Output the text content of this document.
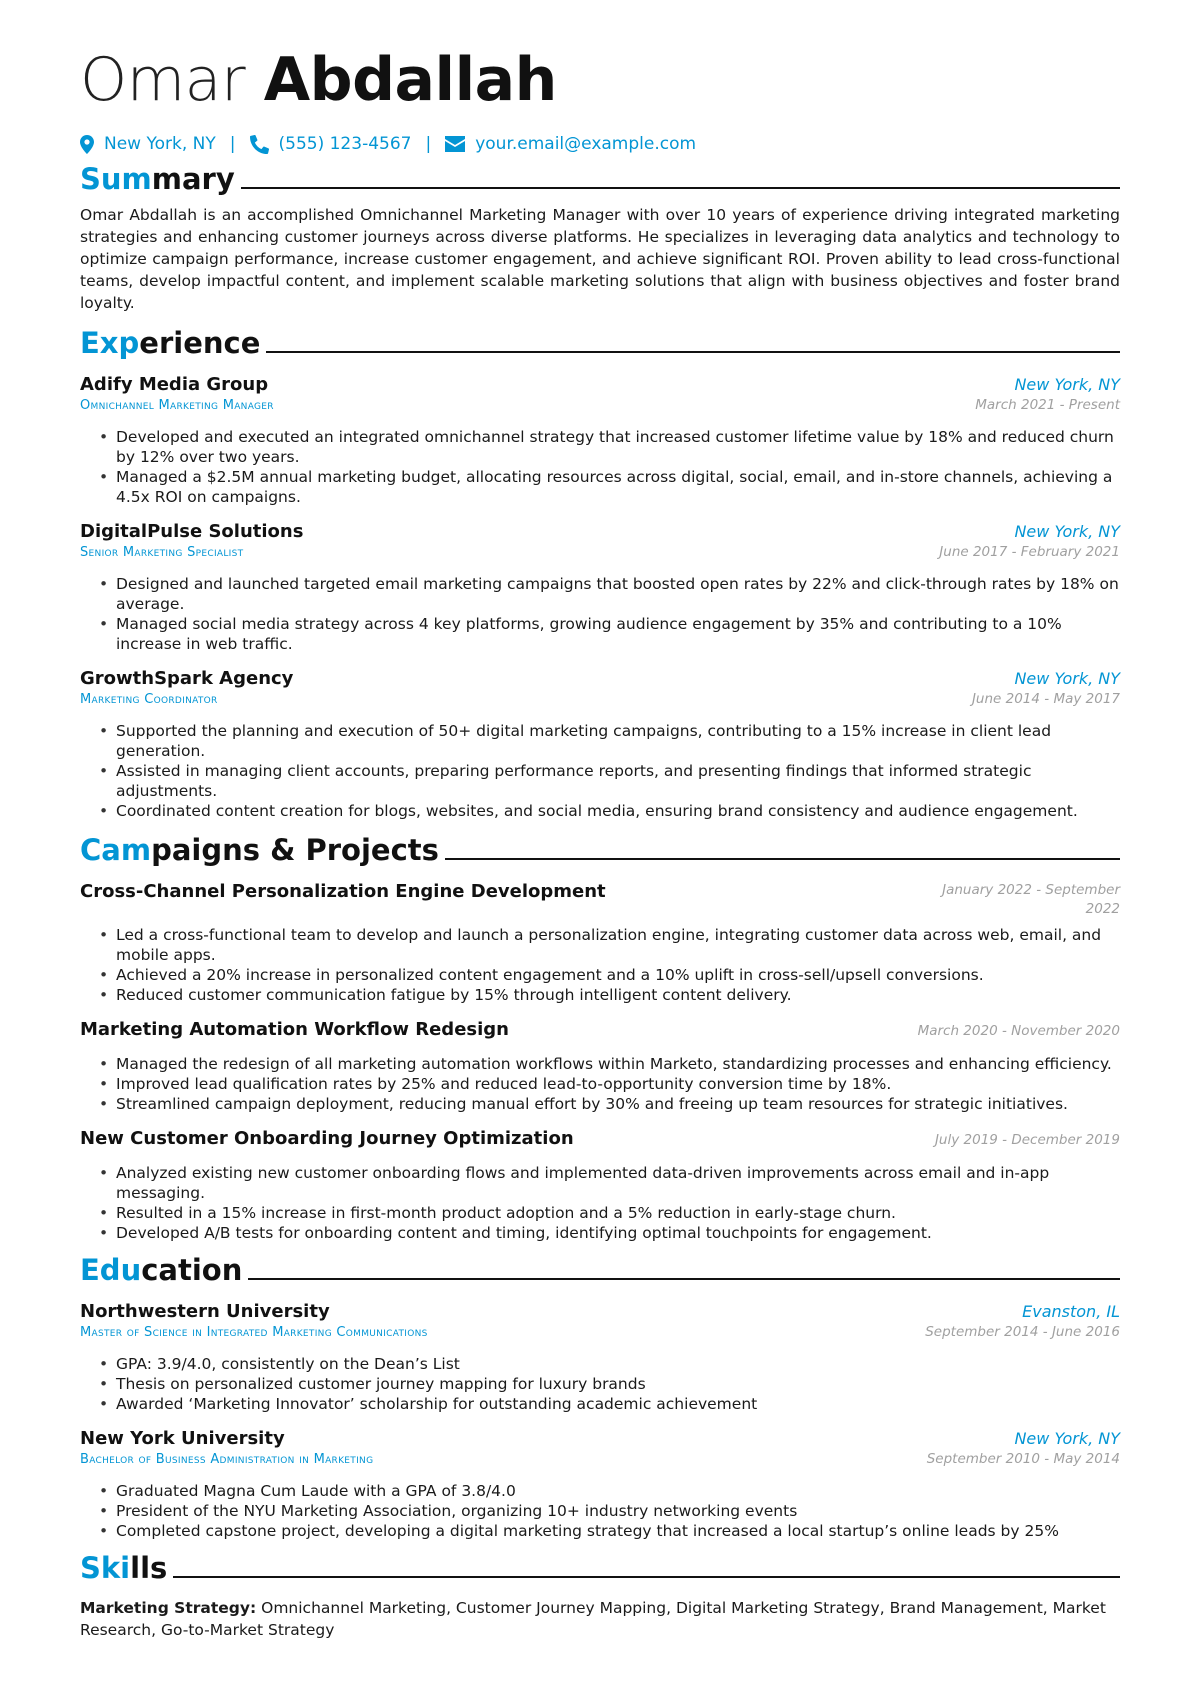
Omar Abdallah
New York, NY |	(555) 123-4567 |	your.email@example.com
Summary
Omar Abdallah is an accomplished Omnichannel Marketing Manager with over 10 years of experience driving integrated marketing strategies and enhancing customer journeys across diverse platforms. He specializes in leveraging data analytics and technology to optimize campaign performance, increase customer engagement, and achieve significant ROI. Proven ability to lead cross-functional teams, develop impactful content, and implement scalable marketing solutions that align with business objectives and foster brand loyalty.
Experience
Adify Media Group	New York, NY
Omnichannel Marketing Manager	March 2021 - Present
• Developed and executed an integrated omnichannel strategy that increased customer lifetime value by 18% and reduced churn by 12% over two years.
• Managed a $2.5M annual marketing budget, allocating resources across digital, social, email, and in-store channels, achieving a 4.5x ROI on campaigns.
DigitalPulse Solutions	New York, NY
Senior Marketing Specialist	June 2017 - February 2021
• Designed and launched targeted email marketing campaigns that boosted open rates by 22% and click-through rates by 18% on average.
• Managed social media strategy across 4 key platforms, growing audience engagement by 35% and contributing to a 10% increase in web traffic.
GrowthSpark Agency	New York, NY
Marketing Coordinator	June 2014 - May 2017
• Supported the planning and execution of 50+ digital marketing campaigns, contributing to a 15% increase in client lead generation.
• Assisted in managing client accounts, preparing performance reports, and presenting findings that informed strategic adjustments.
• Coordinated content creation for blogs, websites, and social media, ensuring brand consistency and audience engagement.
Campaigns & Projects
Cross-Channel Personalization Engine Development	January 2022 - September 2022
• Led a cross-functional team to develop and launch a personalization engine, integrating customer data across web, email, and mobile apps.
• Achieved a 20% increase in personalized content engagement and a 10% uplift in cross-sell/upsell conversions.
• Reduced customer communication fatigue by 15% through intelligent content delivery.
Marketing Automation Workflow Redesign	March 2020 - November 2020
• Managed the redesign of all marketing automation workflows within Marketo, standardizing processes and enhancing efficiency.
• Improved lead qualification rates by 25% and reduced lead-to-opportunity conversion time by 18%.
• Streamlined campaign deployment, reducing manual effort by 30% and freeing up team resources for strategic initiatives.
New Customer Onboarding Journey Optimization	July 2019 - December 2019
• Analyzed existing new customer onboarding flows and implemented data-driven improvements across email and in-app messaging.
• Resulted in a 15% increase in first-month product adoption and a 5% reduction in early-stage churn.
• Developed A/B tests for onboarding content and timing, identifying optimal touchpoints for engagement.
Education
Northwestern University	Evanston, IL
Master of Science in Integrated Marketing Communications	September 2014 - June 2016
• GPA: 3.9/4.0, consistently on the Dean’s List
• Thesis on personalized customer journey mapping for luxury brands
• Awarded ‘Marketing Innovator’ scholarship for outstanding academic achievement
New York University	New York, NY
Bachelor of Business Administration in Marketing	September 2010 - May 2014
• Graduated Magna Cum Laude with a GPA of 3.8/4.0
• President of the NYU Marketing Association, organizing 10+ industry networking events
• Completed capstone project, developing a digital marketing strategy that increased a local startup’s online leads by 25%
Skills
Marketing Strategy: Omnichannel Marketing, Customer Journey Mapping, Digital Marketing Strategy, Brand Management, Market Research, Go-to-Market Strategy
